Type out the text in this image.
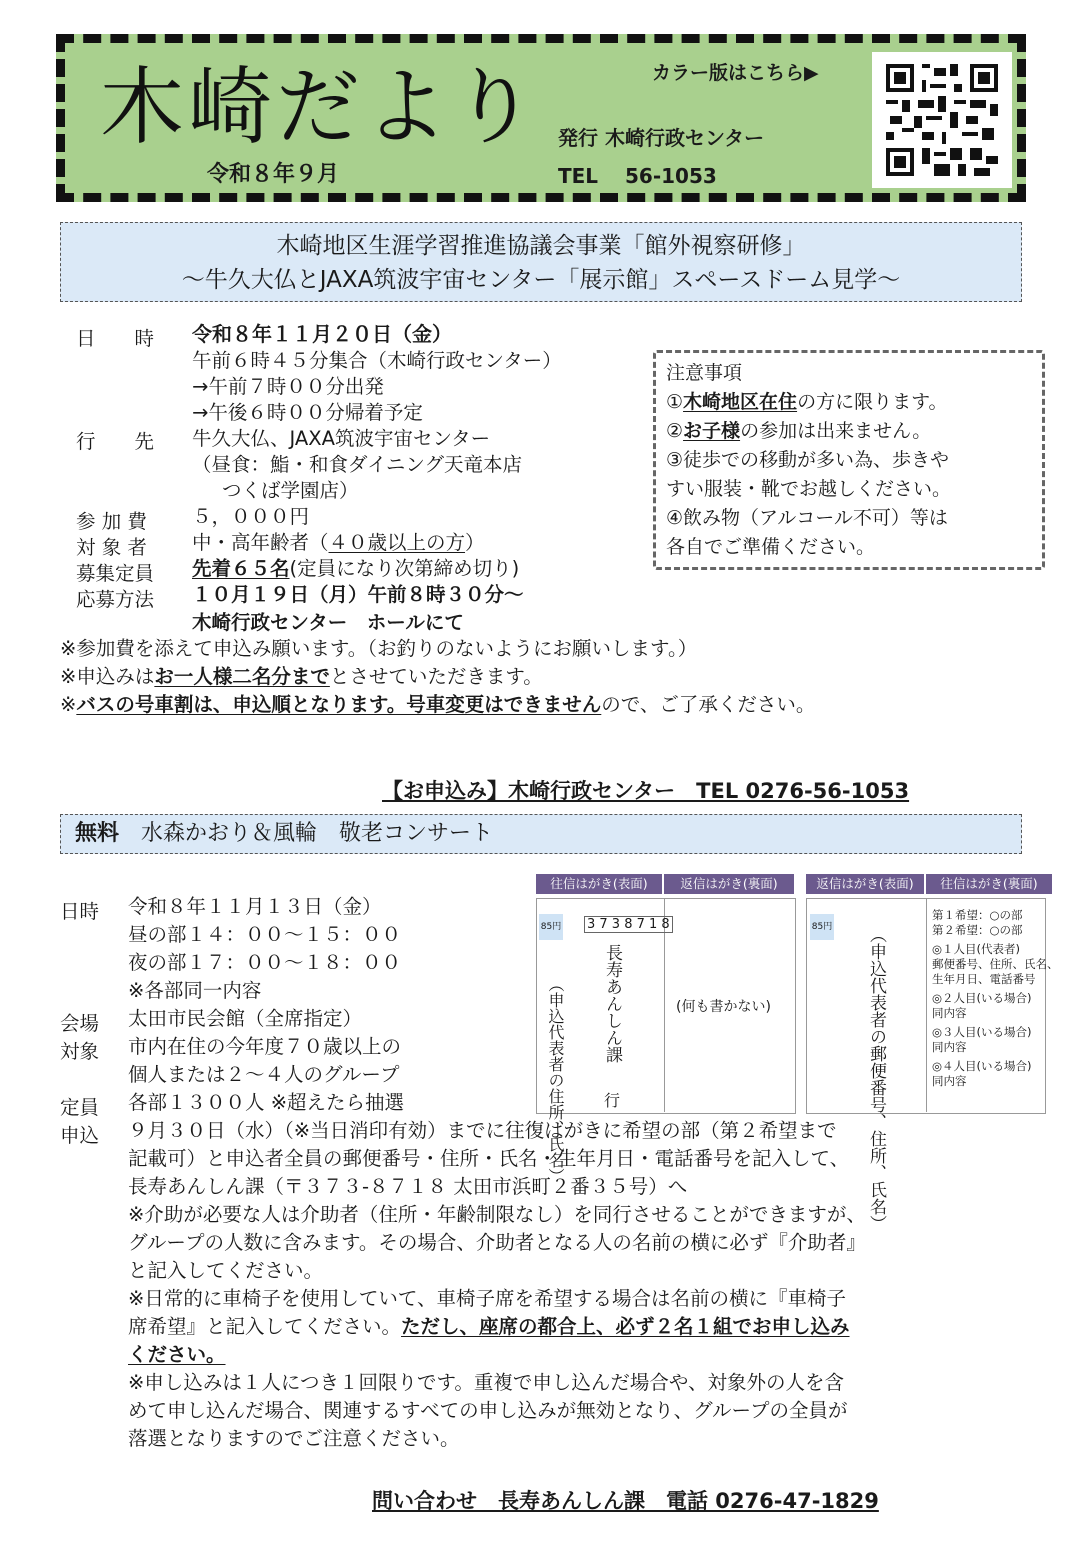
木崎だより
令和８年９月
カラー版はこちら▶
発行 木崎行政センター
TEL　 56-1053
木崎地区生涯学習推進協議会事業「館外視察研修」
～牛久大仏とJAXA筑波宇宙センター「展示館」スペースドーム見学～
日　　時 令和８年１１月２０日（金）
午前６時４５分集合（木崎行政センター）
→午前７時００分出発
→午後６時００分帰着予定
行　　先 牛久大仏、JAXA筑波宇宙センター
（昼食：鮨・和食ダイニング天竜本店
つくば学園店）
参 加 費 ５，０００円
対 象 者 中・高年齢者（４０歳以上の方）
募集定員 先着６５名(定員になり次第締め切り)
応募方法 １０月１９日（月）午前８時３０分～
木崎行政センター　ホールにて
※参加費を添えて申込み願います。（お釣りのないようにお願いします。）
※申込みはお一人様二名分までとさせていただきます。
※バスの号車割は、申込順となります。号車変更はできませんので、ご了承ください。
注意事項
①木崎地区在住の方に限ります。
②お子様の参加は出来ません。
③徒歩での移動が多い為、歩きや
すい服装・靴でお越しください。
④飲み物（アルコール不可）等は
各自でご準備ください。
【お申込み】木崎行政センター　TEL 0276-56-1053
無料　 水森かおり＆風輪　敬老コンサート
日時 令和８年１１月１３日（金）
昼の部１４：００～１５：００
夜の部１７：００～１８：００
※各部同一内容
会場 太田市民会館（全席指定）
対象 市内在住の今年度７０歳以上の
個人または２～４人のグループ
定員 各部１３００人 ※超えたら抽選
申込 ９月３０日（水）（※当日消印有効）までに往復はがきに希望の部（第２希望まで
記載可）と申込者全員の郵便番号・住所・氏名・生年月日・電話番号を記入して、
長寿あんしん課（〒３７３-８７１８ 太田市浜町２番３５号）へ
※介助が必要な人は介助者（住所・年齢制限なし）を同行させることができますが、
グループの人数に含みます。その場合、介助者となる人の名前の横に必ず『介助者』
と記入してください。
※日常的に車椅子を使用していて、車椅子席を希望する場合は名前の横に『車椅子
席希望』と記入してください。ただし、座席の都合上、必ず２名１組でお申し込み
ください。
※申し込みは１人につき１回限りです。重複で申し込んだ場合や、対象外の人を含
めて申し込んだ場合、関連するすべての申し込みが無効となり、グループの全員が
落選となりますのでご注意ください。
問い合わせ　長寿あんしん課　電話 0276-47-1829
往信はがき(表面)	返信はがき(裏面)	返信はがき(表面)	往信はがき(裏面)
85円 3 7 3 8 7 1 8
長寿あんしん課
行
（申込代表者の住所、氏名）	(何も書かない)
85円 （申込代表者の郵便番号、住所、氏名）
第１希望：○の部
第２希望：○の部
◎１人目(代表者)
郵便番号、住所、氏名、
生年月日、電話番号
◎２人目(いる場合)
同内容
◎３人目(いる場合)
同内容
◎４人目(いる場合)
同内容
